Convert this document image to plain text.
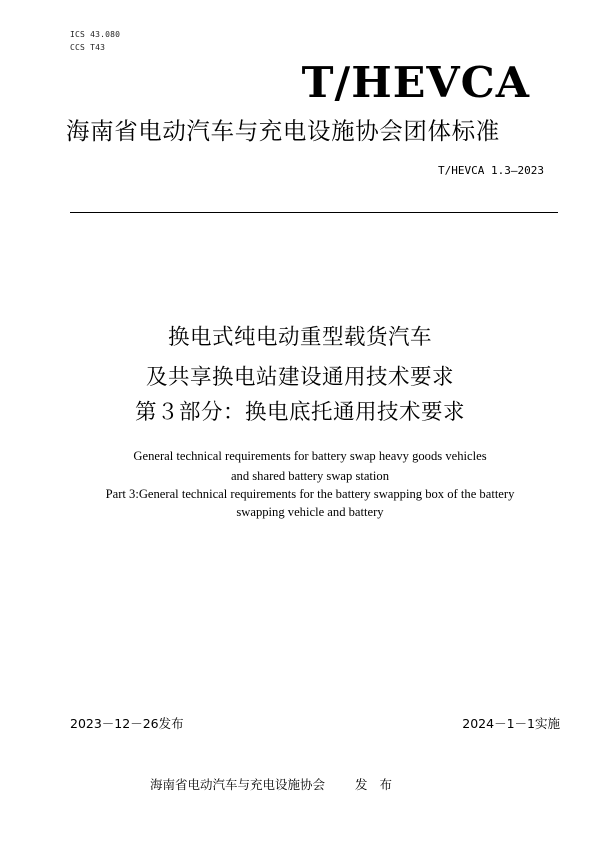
ICS 43.080
CCS T43
T/HEVCA
海南省电动汽车与充电设施协会团体标准
T/HEVCA 1.3—2023
换电式纯电动重型载货汽车
及共享换电站建设通用技术要求
第３部分：换电底托通用技术要求
General technical requirements for battery swap heavy goods vehicles
and shared battery swap station
Part 3:General technical requirements for the battery swapping box of the battery
swapping vehicle and battery
2023－12－26发布	2024－1－1实施
海南省电动汽车与充电设施协会 发 布
